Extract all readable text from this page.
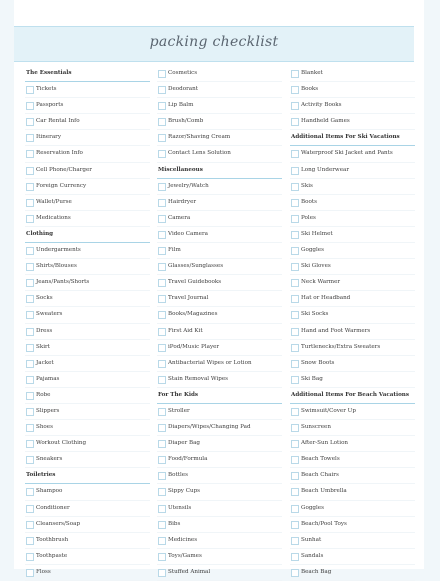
packing checklist
The Essentials
Tickets
Passports
Car Rental Info
Itinerary
Reservation Info
Cell Phone/Charger
Foreign Currency
Wallet/Purse
Medications
Clothing
Undergarments
Shirts/Blouses
Jeans/Pants/Shorts
Socks
Sweaters
Dress
Skirt
Jacket
Pajamas
Robe
Slippers
Shoes
Workout Clothing
Sneakers
Toiletries
Shampoo
Conditioner
Cleansers/Soap
Toothbrush
Toothpaste
Floss
Cosmetics
Deodorant
Lip Balm
Brush/Comb
Razor/Shaving Cream
Contact Lens Solution
Miscellaneous
Jewelry/Watch
Hairdryer
Camera
Video Camera
Film
Glasses/Sunglasses
Travel Guidebooks
Travel Journal
Books/Magazines
First Aid Kit
iPod/Music Player
Antibacterial Wipes or Lotion
Stain Removal Wipes
For The Kids
Stroller
Diapers/Wipes/Changing Pad
Diaper Bag
Food/Formula
Bottles
Sippy Cups
Utensils
Bibs
Medicines
Toys/Games
Stuffed Animal
Blanket
Books
Activity Books
Handheld Games
Additional Items For Ski Vacations
Waterproof Ski Jacket and Pants
Long Underwear
Skis
Boots
Poles
Ski Helmet
Goggles
Ski Gloves
Neck Warmer
Hat or Headband
Ski Socks
Hand and Foot Warmers
Turtlenecks/Extra Sweaters
Snow Boots
Ski Bag
Additional Items For Beach Vacations
Swimsuit/Cover Up
Sunscreen
After-Sun Lotion
Beach Towels
Beach Chairs
Beach Umbrella
Goggles
Beach/Pool Toys
Sunhat
Sandals
Beach Bag
